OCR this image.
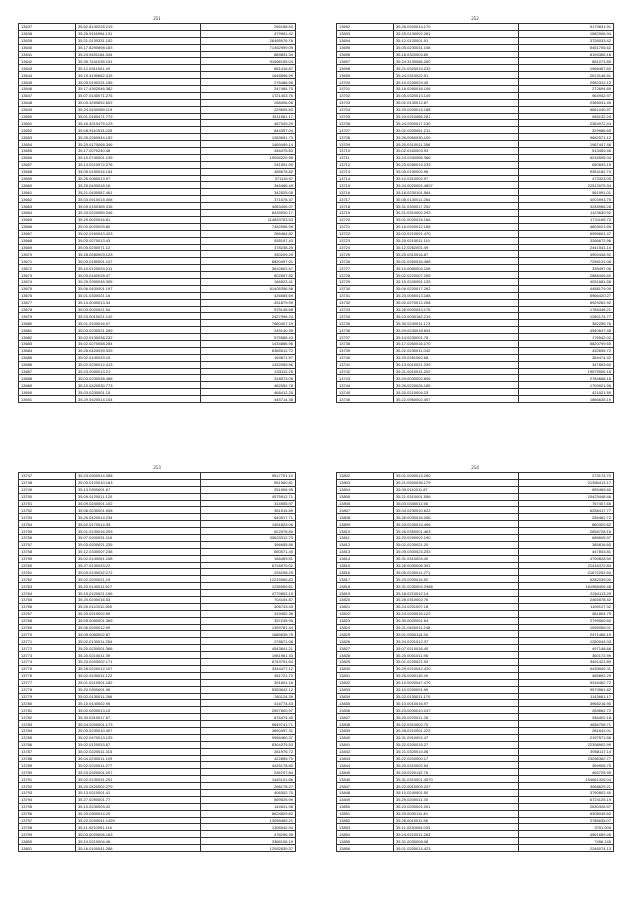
251
13637	35.62.8130228.219	256158.50
13638	35.26.9116994.131	479961.42
13639	35.21.0130331.152	26465976.76
13640	35.17.8290898.183	71462999.09
13641	35.24.9401164.344	889831.34
13642	35.35.7441035.151	91566155.04
13643	35.12.0311941.40	681416.87
13644	35.19.4190682.315	1648596.99
13645	35.05.0190231.156	276486.56
13646	35.17.4302046.382	247484.70
13647	35.07.0140071.276	1721403.76
13648	35.03.4250692.602	258406.06
13649	35.24.0430089.119	229605.83
13650	35.01.0160471.779	5111581.17
13651	35.16.4210475.123	467049.29
13652	35.08.9110513.225	844357.04
13653	35.25.0260944.152	1263691.73
13654	35.20.0170068.346	1469499.14
13655	35.17.0270240.48	446475.83
13656	35.10.0740001.139	19054225.96
13657	35.13.0210972.278	241591.59
13658	35.05.0150016.154	458675.82
13659	35.26.0060013.97	371119.97
13660	35.25.0430016.16	346466.49
13661	35.21.0430087.461	342525.05
13662	35.03.0510015.408	371678.37
13663	35.09.0150365.316	4063406.07
13664	35.23.0220089.346	6439930.17
13665	35.29.0020016.81	114833753.53
13666	35.00.0020029.80	7452596.99
13667	35.02.0160043.423	286464.82
13668	35.03.0270013.43	535197.43
13669	35.05.0230071.12	378238.25
13670	35.28.0280003.123	330209.20
13671	35.03.0180001.107	6820497.01
13672	35.10.0120029.211	3612602.47
13673	35.03.0160028.47	802657.82
13674	35.29.0390045.305	166523.41
13675	35.06.0430001.197	81405356.98
13676	35.01.0330021.16	426685.69
13677	35.14.0030013.34	431879.99
13678	35.03.0020021.94	575145.68
13679	35.23.0010021.142	2427996.24
13680	35.01.0100016.97	7660407.19
13681	35.03.0230021.269	245140.35
13682	35.02.0130038.232	575585.43
13683	35.02.0270058.264	1434886.96
13684	35.26.0420039.339	6365512.72
13685	35.02.0140033.15	169871.57
13686	35.02.0230012.413	1432059.56
13687	35.23.0050013.21	433112.25
13688	35.03.0230038.468	318573.05
13689	35.10.0420030.773	482052.78
13690	35.03.0230001.15	468412.25
13691	35.29.0420014.154	445714.38
252
13692	35.26.0200014.170	5179831.91
13693	35.25.0130002.281	1582906.94
13694	35.12.0120001.91	3726033.42
13695	35.05.0230031.158	5451706.62
13696	35.16.0320003.80	8194365.16
13697	35.24.3130086.260	851071.89
13698	35.21.0320014.232	1968487.60
13699	35.24.0310022.91	2613146.51
13700	35.10.0230029.45	2982312.13
13701	35.16.0260016.106	272694.69
13702	35.05.0320013.149	964942.97
13703	35.02.0130012.87	2366041.45
13704	35.20.0200014.188	5661040.97
13705	35.20.0210086.281	946132.24
13706	35.24.0300017.130	2364972.44
13707	35.02.0200061.211	329986.65
13708	35.26.0060030.100	9682571.12
13709	35.20.0310011.356	1967447.46
13710	35.02.0160003.93	513459.46
13711	35.24.0330056.366	5216595.04
13712	35.23.0280019.233	650693.19
13713	35.05.0190002.96	9354182.74
13714	35.10.0310002.97	473323.05
13715	35.24.0020001.4897	22513979.34
13716	35.16.0230101.584	561991.01
13717	35.08.0130011.284	4003993.75
13718	35.31.0300017.252	3248966.28
13719	35.21.0310002.293	1123630.92
13720	35.01.0020015.166	1731165.72
13721	35.16.0200012.185	4803021.65
13722	35.02.0210001.470	6995601.47
13723	35.20.0210011.110	3266672.96
13724	35.12.0262001.49	2441541.14
13725	35.20.0310016.87	4992446.92
13726	35.01.0260016.468	7256131.08
13727	35.10.0060004.108	335497.06
13728	35.02.0220007.255	2888406.60
13729	35.15.0240051.125	4031681.56
13730	35.09.0220017.262	4458179.09
13731	35.23.0050013.188	6966420.27
13732	35.02.0270012.208	6929262.92
13733	35.26.0020043.176	1785446.21
13734	35.23.0030182.219	1280174.77
13735	35.30.0240011.173	382255.76
13736	35.20.0240018.694	4940647.48
13737	35.14.0230001.78	176542.02
13738	35.17.0260016.170	5820799.65
13739	35.22.0230011.042	432695.72
13740	35.20.0261062.68	364474.42
13741	35.13.0010021.209	347663.60
13742	35.21.0010031.202	19575906.18
13743	35.20.0030002.806	2784668.16
13744	35.26.0220026.185	1709921.96
13745	35.20.0210004.23	421521.59
13746	35.22.0960002.467	1866635.19
253
13747	35.23.0300014.358	9517701.10
13748	35.03.0120010.163	551560.81
13749	35.13.0300001.67	251506.95
13750	35.09.0120011.120	4575912.71
13751	35.09.0240001.102	314555.97
13752	35.06.0230001.908	351514.89
13753	35.26.0420014.234	640517.71
13754	35.02.0170014.35	1451823.06
13755	35.01.0130016.209	622976.80
13756	35.07.0200031.116	33623312.73
13757	35.03.0200021.235	396655.86
13758	35.12.0330007.248	650571.40
13759	35.02.0130061.158	166459.51
13760	35.27.0130033.22	6726970.02
13761	35.03.0130032.272	226208.29
13762	35.02.0200021.19	12215965.83
13763	35.20.0140011.617	1236559.61
13764	35.19.0120021.196	4779802.19
13765	35.20.0230016.53	704154.87
13766	35.26.0110011.265	406743.45
13767	35.20.0210002.69	319452.38
13768	35.05.0060001.369	337245.95
13769	35.06.0200012.99	1399781.44
13770	35.05.0060002.87	1685639.75
13771	35.02.0130011.254	278671.08
13772	35.20.0230001.368	4543841.21
13773	35.20.0210011.39	1981961.33
13774	35.23.0200002.171	6743791.64
13775	35.26.0220012.107	3344477.12
13776	35.02.0130011.122	451721.72
13777	35.01.0210001.182	391601.16
13778	35.20.0300001.96	5353642.12
13779	35.02.0130011.266	361124.39
13780	35.10.0140002.96	416774.43
13781	35.02.0200013.15	2597600.97
13782	35.30.0310017.67	876474.45
13783	35.24.0200001.173	9649741.71
13784	35.03.0230010.407	3890457.31
13785	35.02.0470013.125	9966460.37
13786	35.02.0120033.67	8304375.53
13787	35.02.0220011.315	281976.72
13788	35.04.0230011.129	422855.70
13789	35.02.0220011.277	4425178.80
13790	35.23.0320001.207	236707.84
13791	35.02.0130031.291	1445101.66
13792	35.20.0420002.279	296178.27
13793	35.13.0210001.41	406302.70
13794	35.27.0290001.77	569525.99
13795	35.10.0230003.42	144541.98
13796	35.20.0300014.20	8624829.62
13797	35.22.0200041.1429	13059465.21
13798	35.11.0210001.116	1306542.94
13799	35.03.0020006.163	478296.35
13800	35.10.0210004.46	3366106.19
13801	35.16.0100041.288	12952639.37
254
13802	35.01.0200013.260	273174.70
13803	35.21.0300038.179	21356413.17
13804	35.09.0110011.87	855469.60
13805	35.21.0310001.556	20423448.46
13806	35.03.0340011.56	767407.65
13807	35.04.0230010.622	6258417.77
13808	35.26.0030016.266	256462.72
13809	35.20.0230014.406	860320.62
13810	35.26.0350001.463	2858728.16
13811	35.20.0290002.190	686605.97
13812	35.02.0230021.20	385816.60
13813	35.09.0300023.253	447843.81
13814	35.31.0310004.40	4790828.50
13815	35.26.0030006.391	21416372.84
13816	35.05.0230011.271	21672252.54
13817	35.20.0200016.92	6282039.00
13818	35.31.0230004.2988	161968409.46
13819	35.18.0210012.14	2264113.29
13820	35.28.0310002.76	2465578.42
13821	35.24.0201007.18	1199127.32
13822	35.24.0200016.122	361804.79
13823	35.30.0020001.64	2799060.60
13824	35.21.0400011.248	1995959.01
13825	35.01.0300114.34	2471466.19
13826	35.24.0201012.37	1250044.03
13827	35.07.0210016.40	497148.68
13828	35.20.0001011.96	360172.99
13829	35.01.0220021.93	3491421.89
13830	35.29.0210042.420	6453082.11
13831	35.26.0200110.49	465892.29
13832	35.10.0020047.470	5316462.72
13833	35.10.0200001.99	9579561.82
13834	35.22.0130011.170	1143661.17
13835	35.10.0010016.97	3968216.90
13836	35.23.0200010.247	265662.72
13837	35.20.0220011.28	346402.18
13838	35.22.0310002.70	4656708.71
13839	35.28.0210001.223	281641.01
13840	35.31.0910001.47	2197571.58
13841	35.22.0200015.27	22358902.99
13842	35.21.0320014.06	3958117.14
13843	35.22.0200000.17	23256362.77
13844	35.20.0210002.54	369905.75
13845	35.20.0220112.78	465725.99
13846	35.31.0310001.4570	154661326.04
13847	35.22.0010009.247	3068629.21
13848	35.10.0240001.50	3790802.40
13849	35.29.0200011.30	6724125.19
13850	35.23.0200001.001	2630326.57
13851	35.20.0030111.49	6308045.60
13852	35.26.0010011.56	2786635.07
13853	35.11.0230004.033	3751.005
13854	35.24.0210011.283	4561659.26
13855	35.31.0030008.08	7456.145
13856	35.01.0200014.423	2246074.13
